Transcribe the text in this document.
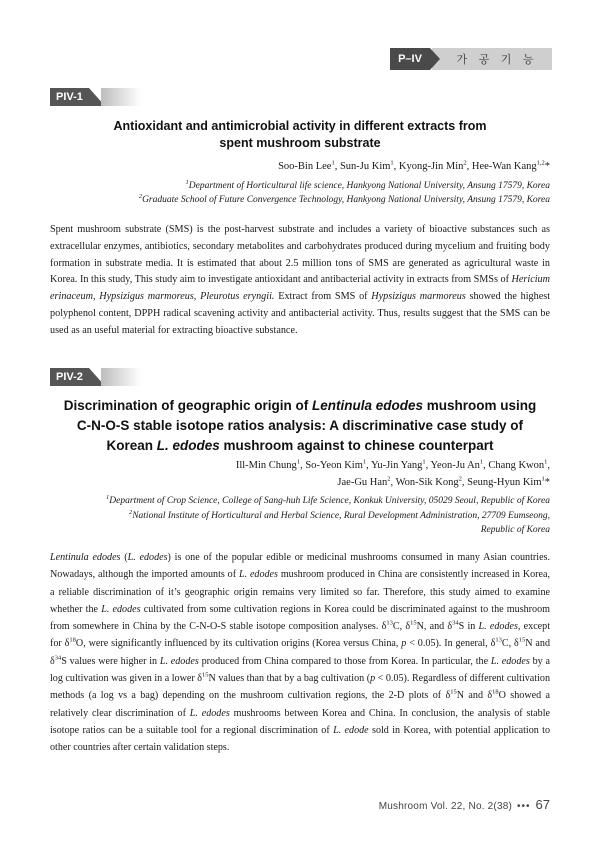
P–IV	가 공 기 능
PIV-1
Antioxidant and antimicrobial activity in different extracts from
spent mushroom substrate
Soo-Bin Lee$^1$, Sun-Ju Kim$^1$, Kyong-Jin Min$^2$, Hee-Wan Kang$^{1,2}$*
$^1$Department of Horticultural life science, Hankyong National University, Ansung 17579, Korea
$^2$Graduate School of Future Convergence Technology, Hankyong National University, Ansung 17579, Korea
Spent mushroom substrate (SMS) is the post-harvest substrate and includes a variety of bioactive substances such as extracellular enzymes, antibiotics, secondary metabolites and carbohydrates produced during mycelium and fruiting body formation in substrate media. It is estimated that about 2.5 million tons of SMS are generated as agricultural waste in Korea. In this study, This study aim to investigate antioxidant and antibacterial activity in extracts from SMSs of Hericium erinaceum, Hypsizigus marmoreus, Pleurotus eryngii. Extract from SMS of Hypsizigus marmoreus showed the highest polyphenol content, DPPH radical scavening activity and antibacterial activity. Thus, results suggest that the SMS can be used as an useful material for extracting bioactive substance.
PIV-2
Discrimination of geographic origin of Lentinula edodes mushroom using
C-N-O-S stable isotope ratios analysis: A discriminative case study of
Korean L. edodes mushroom against to chinese counterpart
Ill-Min Chung$^1$, So-Yeon Kim$^1$, Yu-Jin Yang$^1$, Yeon-Ju An$^1$, Chang Kwon$^1$,
Jae-Gu Han$^2$, Won-Sik Kong$^2$, Seung-Hyun Kim$^1$*
$^1$Department of Crop Science, College of Sang-huh Life Science, Konkuk University, 05029 Seoul, Republic of Korea
$^2$National Institute of Horticultural and Herbal Science, Rural Development Administration, 27709 Eumseong,
Republic of Korea
Lentinula edodes (L. edodes) is one of the popular edible or medicinal mushrooms consumed in many Asian countries. Nowadays, although the imported amounts of L. edodes mushroom produced in China are consistently increased in Korea, a reliable discrimination of it’s geographic origin remains very limited so far. Therefore, this study aimed to examine whether the L. edodes cultivated from some cultivation regions in Korea could be discriminated against to the mushroom from somewhere in China by the C-N-O-S stable isotope composition analyses. $\delta^{13}C$, $\delta^{15}N$, and $\delta^{34}S$ in L. edodes, except for $\delta^{18}O$, were significantly influenced by its cultivation origins (Korea versus China, p < 0.05). In general, $\delta^{13}C$, $\delta^{15}N$ and $\delta^{34}S$ values were higher in L. edodes produced from China compared to those from Korea. In particular, the L. edodes by a log cultivation was given in a lower $\delta^{15}N$ values than that by a bag cultivation (p < 0.05). Regardless of different cultivation methods (a log vs a bag) depending on the mushroom cultivation regions, the 2-D plots of $\delta^{15}N$ and $\delta^{18}O$ showed a relatively clear discrimination of L. edodes mushrooms between Korea and China. In conclusion, the analysis of stable isotope ratios can be a suitable tool for a regional discrimination of L. edode sold in Korea, with potential application to other countries after certain validation steps.
Mushroom Vol. 22, No. 2(38) ••• 67
